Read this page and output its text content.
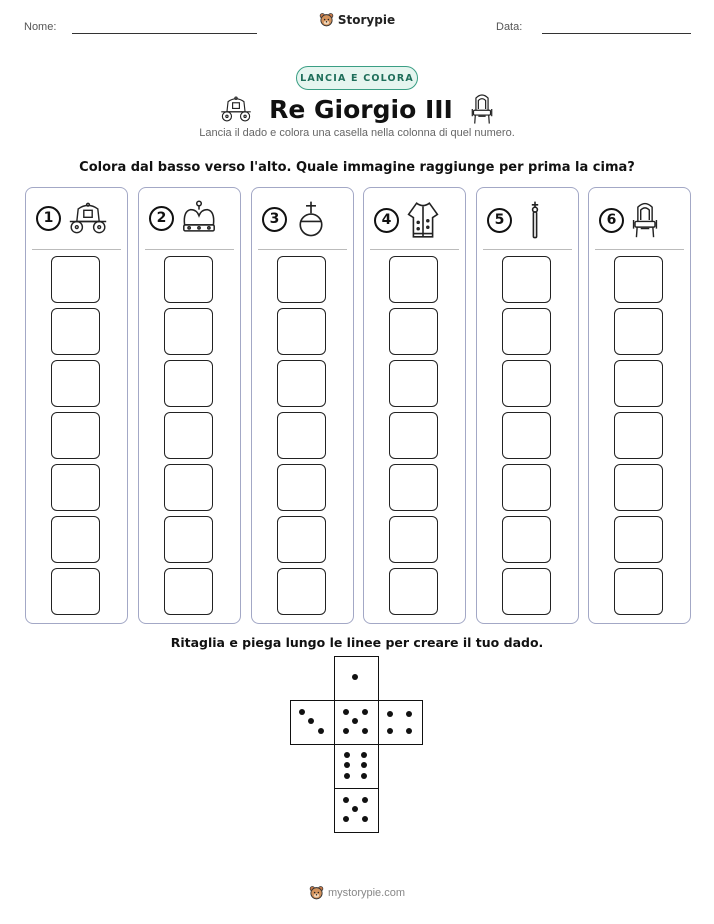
Nome:	Data:
Storypie
LANCIA E COLORA
Re Giorgio III
Lancia il dado e colora una casella nella colonna di quel numero.
Colora dal basso verso l'alto. Quale immagine raggiunge per prima la cima?
1	2	3	4	5	6
Ritaglia e piega lungo le linee per creare il tuo dado.
mystorypie.com
